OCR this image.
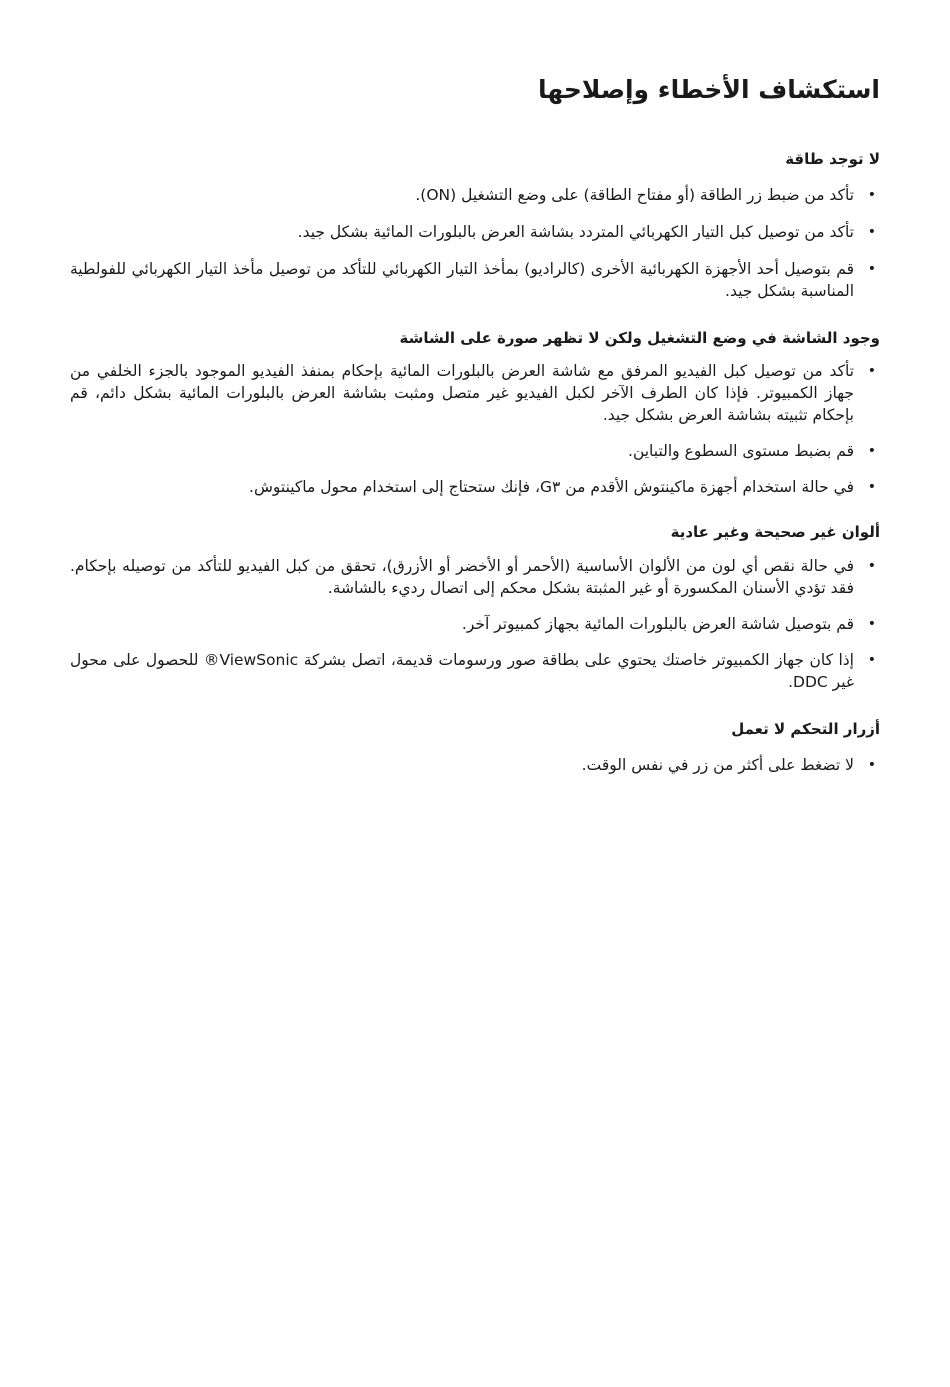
استكشاف الأخطاء وإصلاحها
لا توجد طاقة
• تأكد من ضبط زر الطاقة (أو مفتاح الطاقة) على وضع التشغيل (ON).
• تأكد من توصيل كبل التيار الكهربائي المتردد بشاشة العرض بالبلورات المائية بشكل جيد.
• قم بتوصيل أحد الأجهزة الكهربائية الأخرى (كالراديو) بمأخذ التيار الكهربائي للتأكد من توصيل مأخذ التيار الكهربائي للفولطية المناسبة بشكل جيد.
وجود الشاشة في وضع التشغيل ولكن لا تظهر صورة على الشاشة
• تأكد من توصيل كبل الفيديو المرفق مع شاشة العرض بالبلورات المائية بإحكام بمنفذ الفيديو الموجود بالجزء الخلفي من جهاز الكمبيوتر. فإذا كان الطرف الآخر لكبل الفيديو غير متصل ومثبت بشاشة العرض بالبلورات المائية بشكل دائم، قم بإحكام تثبيته بشاشة العرض بشكل جيد.
• قم بضبط مستوى السطوع والتباين.
• في حالة استخدام أجهزة ماكينتوش الأقدم من G٣، فإنك ستحتاج إلى استخدام محول ماكينتوش.
ألوان غير صحيحة وغير عادية
• في حالة نقص أي لون من الألوان الأساسية (الأحمر أو الأخضر أو الأزرق)، تحقق من كبل الفيديو للتأكد من توصيله بإحكام. فقد تؤدي الأسنان المكسورة أو غير المثبتة بشكل محكم إلى اتصال رديء بالشاشة.
• قم بتوصيل شاشة العرض بالبلورات المائية بجهاز كمبيوتر آخر.
• إذا كان جهاز الكمبيوتر خاصتك يحتوي على بطاقة صور ورسومات قديمة، اتصل بشركة ViewSonic® للحصول على محول غير DDC.
أزرار التحكم لا تعمل
• لا تضغط على أكثر من زر في نفس الوقت.
